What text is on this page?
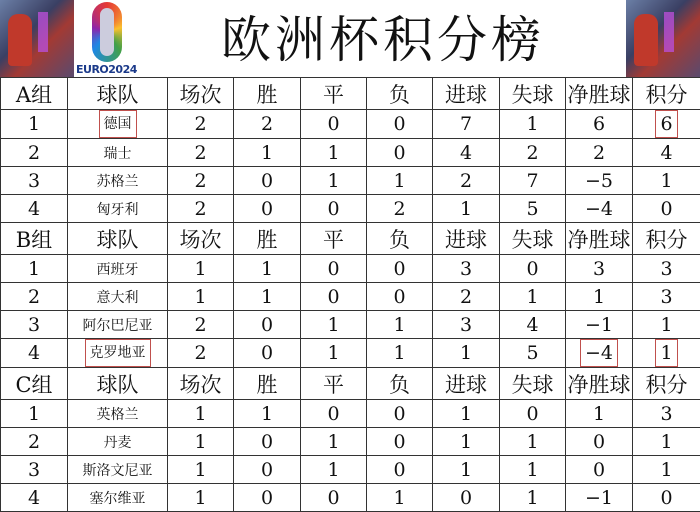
EURO2024
欧洲杯积分榜
A组	球队	场次	胜	平	负	进球	失球	净胜球	积分
1	德国	2	2	0	0	7	1	6	6
2	瑞士	2	1	1	0	4	2	2	4
3	苏格兰	2	0	1	1	2	7	−5	1
4	匈牙利	2	0	0	2	1	5	−4	0
B组	球队	场次	胜	平	负	进球	失球	净胜球	积分
1	西班牙	1	1	0	0	3	0	3	3
2	意大利	1	1	0	0	2	1	1	3
3	阿尔巴尼亚	2	0	1	1	3	4	−1	1
4	克罗地亚	2	0	1	1	1	5	−4	1
C组	球队	场次	胜	平	负	进球	失球	净胜球	积分
1	英格兰	1	1	0	0	1	0	1	3
2	丹麦	1	0	1	0	1	1	0	1
3	斯洛文尼亚	1	0	1	0	1	1	0	1
4	塞尔维亚	1	0	0	1	0	1	−1	0
